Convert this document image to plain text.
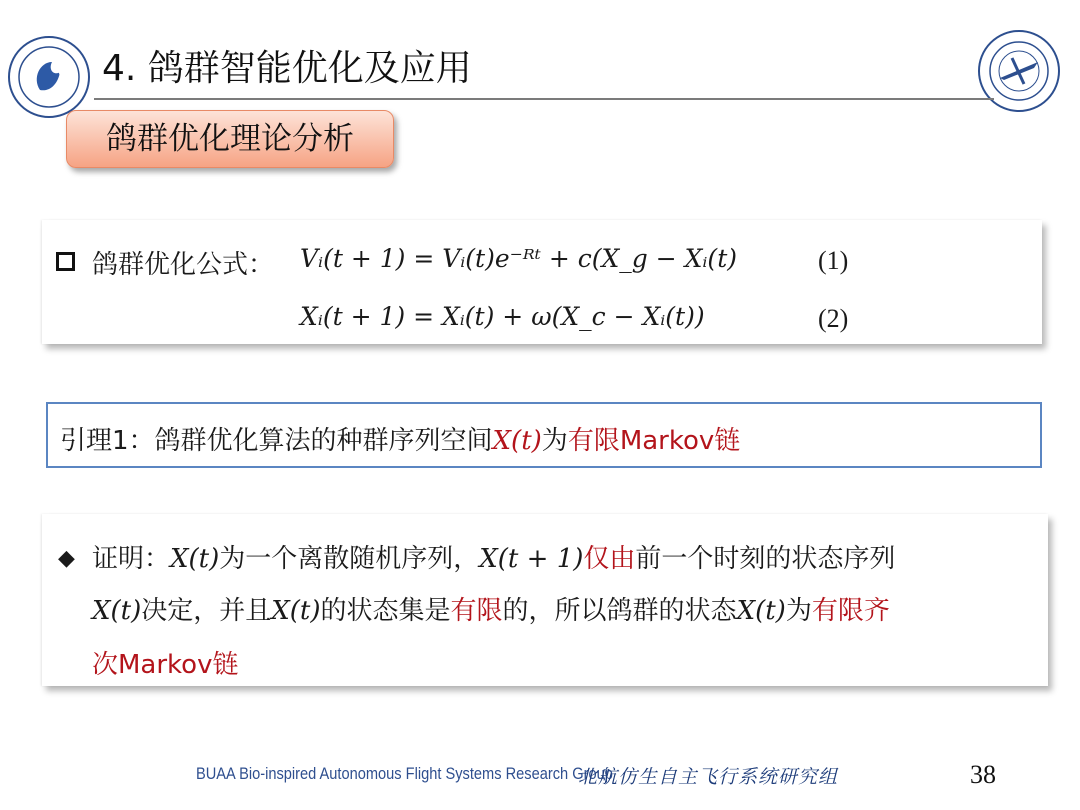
4. 鸽群智能优化及应用
鸽群优化理论分析
鸽群优化公式： Vᵢ(t + 1) = Vᵢ(t)e⁻ᴿᵗ + c(X_g − Xᵢ(t)	(1)
Xᵢ(t + 1) = Xᵢ(t) + ω(X_c − Xᵢ(t))	(2)
引理1：鸽群优化算法的种群序列空间X(t)为有限Markov链
◆ 证明：X(t)为一个离散随机序列，X(t + 1)仅由前一个时刻的状态序列
X(t)决定，并且X(t)的状态集是有限的，所以鸽群的状态X(t)为有限齐
次Markov链
BUAA Bio-inspired Autonomous Flight Systems Research Group
北航仿生自主飞行系统研究组	38
